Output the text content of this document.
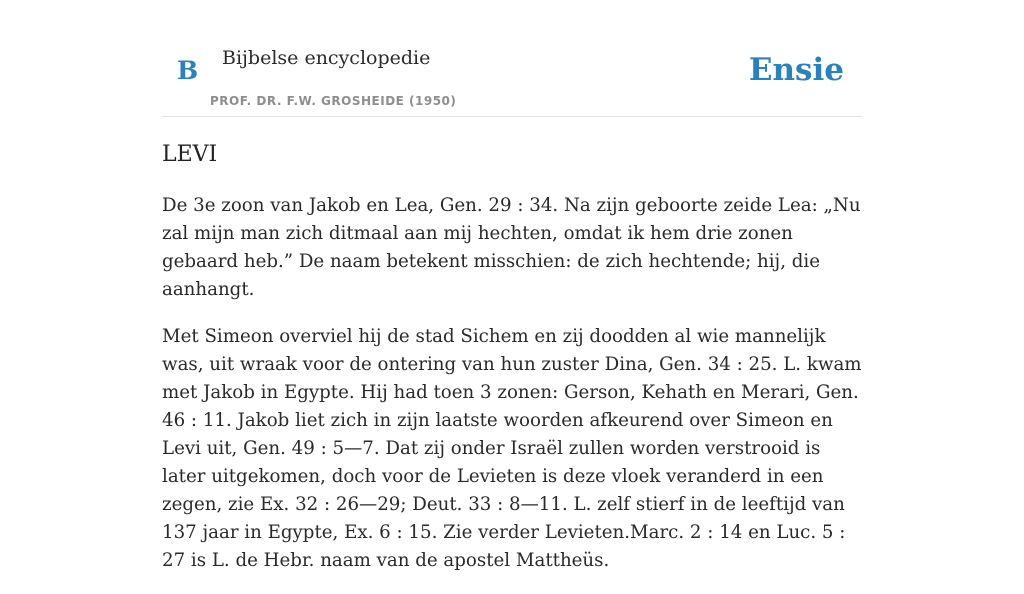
B Bijbelse encyclopedie
PROF. DR. F.W. GROSHEIDE (1950)
Ensie
LEVI

De 3e zoon van Jakob en Lea, Gen. 29 : 34. Na zijn geboorte zeide Lea: „Nu zal mijn man zich ditmaal aan mij hechten, omdat ik hem drie zonen gebaard heb.” De naam betekent misschien: de zich hechtende; hij, die aanhangt.

Met Simeon overviel hij de stad Sichem en zij doodden al wie mannelijk was, uit wraak voor de ontering van hun zuster Dina, Gen. 34 : 25. L. kwam met Jakob in Egypte. Hij had toen 3 zonen: Gerson, Kehath en Merari, Gen. 46 : 11. Jakob liet zich in zijn laatste woorden afkeurend over Simeon en Levi uit, Gen. 49 : 5—7. Dat zij onder Israël zullen worden verstrooid is later uitgekomen, doch voor de Levieten is deze vloek veranderd in een zegen, zie Ex. 32 : 26—29; Deut. 33 : 8—11. L. zelf stierf in de leeftijd van 137 jaar in Egypte, Ex. 6 : 15. Zie verder Levieten.Marc. 2 : 14 en Luc. 5 : 27 is L. de Hebr. naam van de apostel Mattheüs.
